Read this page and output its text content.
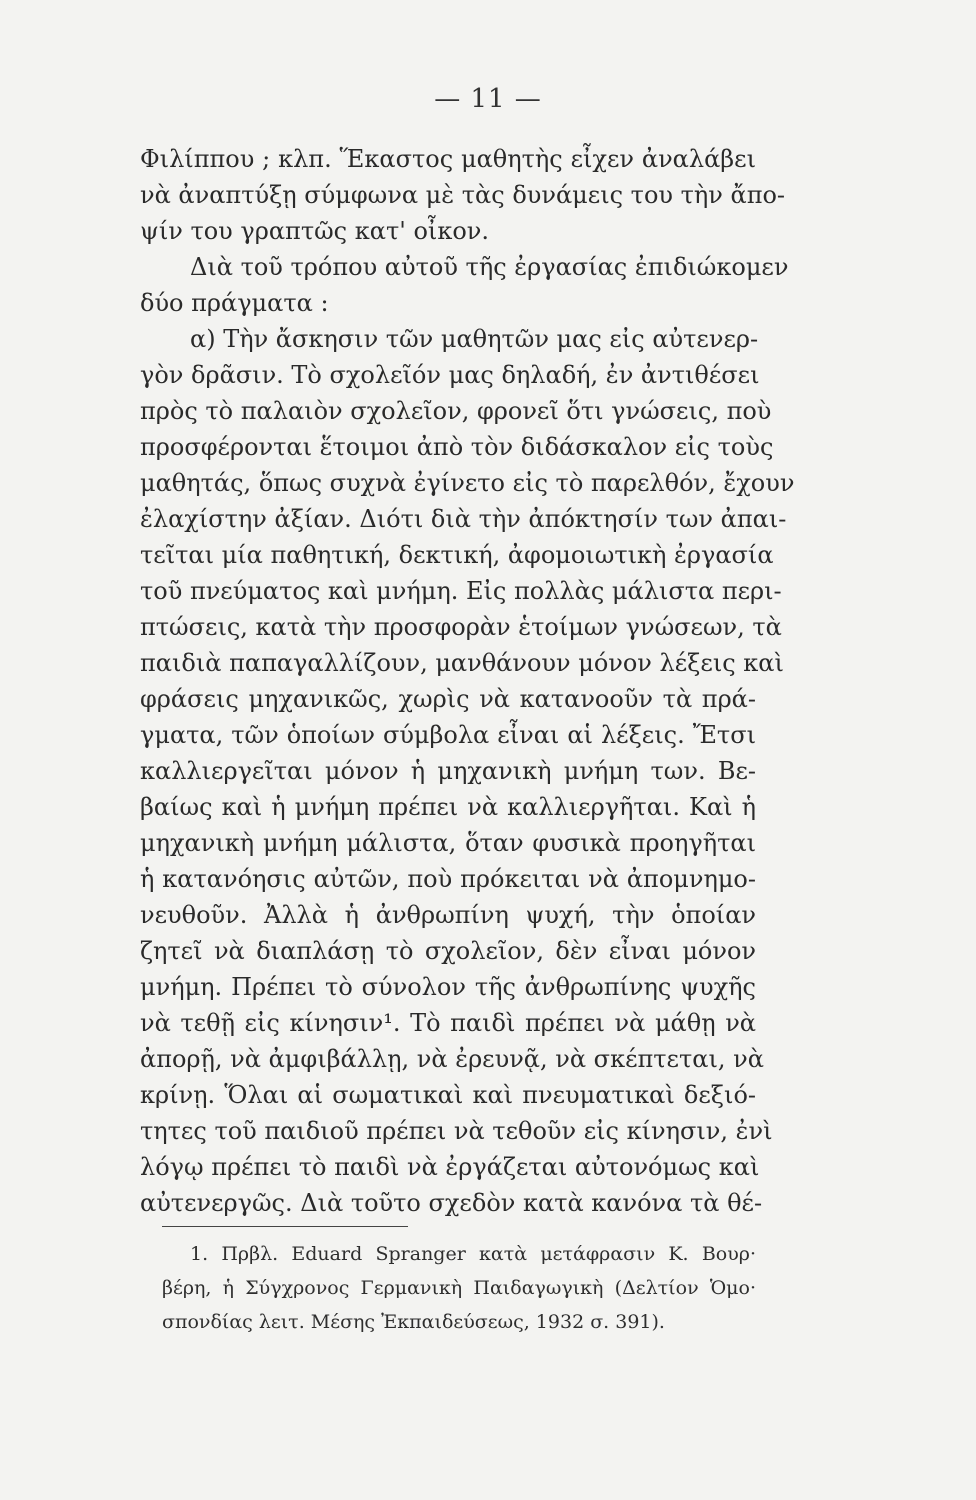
— 11 —
Φιλίππου ; κλπ. Ἕκαστος μαθητὴς εἶχεν ἀναλάβει
νὰ ἀναπτύξῃ σύμφωνα μὲ τὰς δυνάμεις του τὴν ἄπο-
ψίν του γραπτῶς κατ' οἶκον.
Διὰ τοῦ τρόπου αὐτοῦ τῆς ἐργασίας ἐπιδιώκομεν
δύο πράγματα :
α) Τὴν ἄσκησιν τῶν μαθητῶν μας εἰς αὐτενερ-
γὸν δρᾶσιν. Τὸ σχολεῖόν μας δηλαδή, ἐν ἀντιθέσει
πρὸς τὸ παλαιὸν σχολεῖον, φρονεῖ ὅτι γνώσεις, ποὺ
προσφέρονται ἕτοιμοι ἀπὸ τὸν διδάσκαλον εἰς τοὺς
μαθητάς, ὅπως συχνὰ ἐγίνετο εἰς τὸ παρελθόν, ἔχουν
ἐλαχίστην ἀξίαν. Διότι διὰ τὴν ἀπόκτησίν των ἀπαι-
τεῖται μία παθητική, δεκτική, ἀφομοιωτικὴ ἐργασία
τοῦ πνεύματος καὶ μνήμη. Εἰς πολλὰς μάλιστα περι-
πτώσεις, κατὰ τὴν προσφορὰν ἑτοίμων γνώσεων, τὰ
παιδιὰ παπαγαλλίζουν, μανθάνουν μόνον λέξεις καὶ
φράσεις μηχανικῶς, χωρὶς νὰ κατανοοῦν τὰ πρά-
γματα, τῶν ὁποίων σύμβολα εἶναι αἱ λέξεις. Ἔτσι
καλλιεργεῖται μόνον ἡ μηχανικὴ μνήμη των. Βε-
βαίως καὶ ἡ μνήμη πρέπει νὰ καλλιεργῆται. Καὶ ἡ
μηχανικὴ μνήμη μάλιστα, ὅταν φυσικὰ προηγῆται
ἡ κατανόησις αὐτῶν, ποὺ πρόκειται νὰ ἀπομνημο-
νευθοῦν. Ἀλλὰ ἡ ἀνθρωπίνη ψυχή, τὴν ὁποίαν
ζητεῖ νὰ διαπλάσῃ τὸ σχολεῖον, δὲν εἶναι μόνον
μνήμη. Πρέπει τὸ σύνολον τῆς ἀνθρωπίνης ψυχῆς
νὰ τεθῇ εἰς κίνησιν¹. Τὸ παιδὶ πρέπει νὰ μάθῃ νὰ
ἀπορῇ, νὰ ἀμφιβάλλῃ, νὰ ἐρευνᾷ, νὰ σκέπτεται, νὰ
κρίνῃ. Ὅλαι αἱ σωματικαὶ καὶ πνευματικαὶ δεξιό-
τητες τοῦ παιδιοῦ πρέπει νὰ τεθοῦν εἰς κίνησιν, ἐνὶ
λόγῳ πρέπει τὸ παιδὶ νὰ ἐργάζεται αὐτονόμως καὶ
αὐτενεργῶς. Διὰ τοῦτο σχεδὸν κατὰ κανόνα τὰ θέ-
1. Πρβλ. Eduard Spranger κατὰ μετάφρασιν Κ. Βουρ·
βέρη, ἡ Σύγχρονος Γερμανικὴ Παιδαγωγικὴ (Δελτίον Ὁμο·
σπονδίας λειτ. Μέσης Ἐκπαιδεύσεως, 1932 σ. 391).
